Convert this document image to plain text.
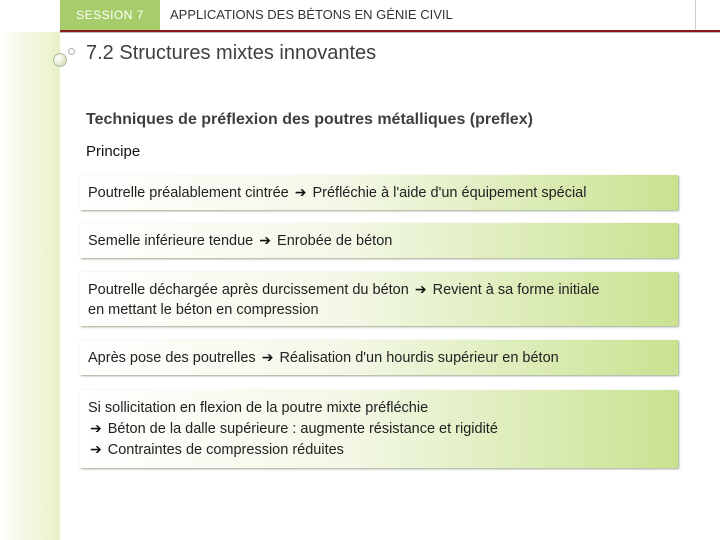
SESSION 7 APPLICATIONS DES BÉTONS EN GÉNIE CIVIL
7.2 Structures mixtes innovantes
Techniques de préflexion des poutres métalliques (preflex)
Principe
Poutrelle préalablement cintrée ➔ Préfléchie à l'aide d'un équipement spécial
Semelle inférieure tendue ➔ Enrobée de béton
Poutrelle déchargée après durcissement du béton ➔ Revient à sa forme initiale
en mettant le béton en compression
Après pose des poutrelles ➔ Réalisation d'un hourdis supérieur en béton
Si sollicitation en flexion de la poutre mixte préfléchie
➔ Béton de la dalle supérieure : augmente résistance et rigidité
➔ Contraintes de compression réduites
